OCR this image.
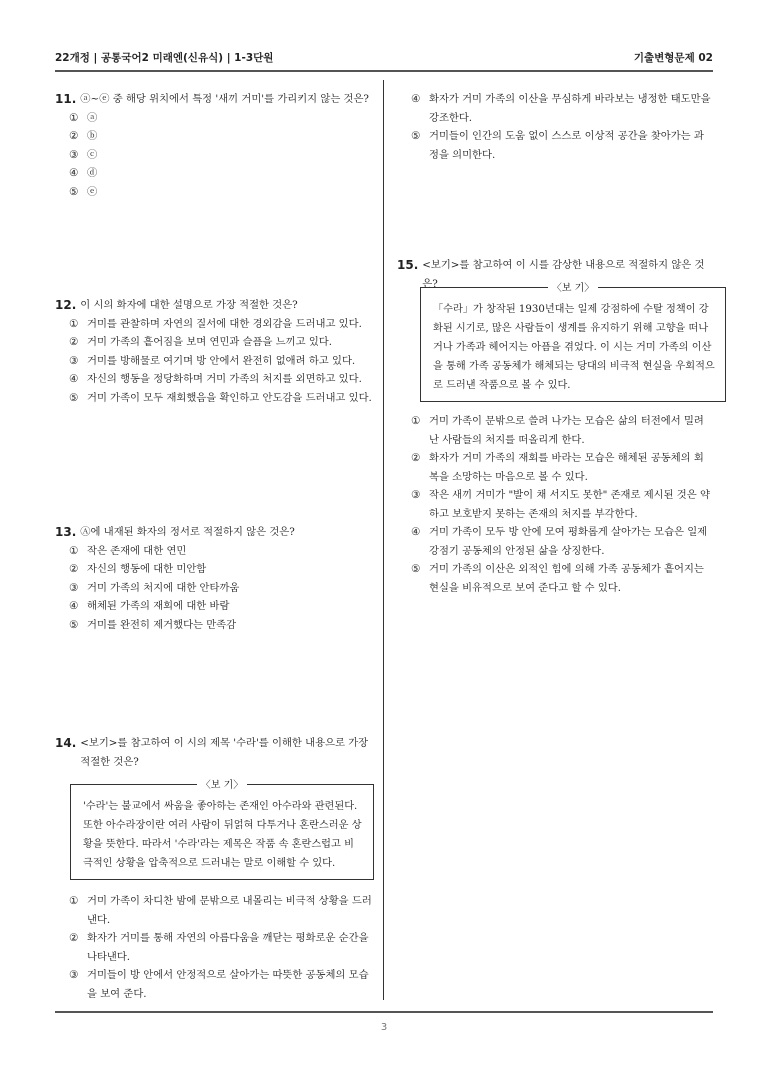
22개정 | 공통국어2 미래엔(신유식) | 1-3단원	기출변형문제 02
11. ⓐ~ⓔ 중 해당 위치에서 특정 '새끼 거미'를 가리키지 않는 것은?
① ⓐ
② ⓑ
③ ⓒ
④ ⓓ
⑤ ⓔ
12. 이 시의 화자에 대한 설명으로 가장 적절한 것은?
① 거미를 관찰하며 자연의 질서에 대한 경외감을 드러내고 있다.
② 거미 가족의 흩어짐을 보며 연민과 슬픔을 느끼고 있다.
③ 거미를 방해물로 여기며 방 안에서 완전히 없애려 하고 있다.
④ 자신의 행동을 정당화하며 거미 가족의 처지를 외면하고 있다.
⑤ 거미 가족이 모두 재회했음을 확인하고 안도감을 드러내고 있다.
13. Ⓐ에 내재된 화자의 정서로 적절하지 않은 것은?
① 작은 존재에 대한 연민
② 자신의 행동에 대한 미안함
③ 거미 가족의 처지에 대한 안타까움
④ 해체된 가족의 재회에 대한 바람
⑤ 거미를 완전히 제거했다는 만족감
14. <보기>를 참고하여 이 시의 제목 '수라'를 이해한 내용으로 가장 적절한 것은?
〈보 기〉

'수라'는 불교에서 싸움을 좋아하는 존재인 아수라와 관련된다. 또한 아수라장이란 여러 사람이 뒤얽혀 다투거나 혼란스러운 상황을 뜻한다. 따라서 '수라'라는 제목은 작품 속 혼란스럽고 비극적인 상황을 압축적으로 드러내는 말로 이해할 수 있다.

① 거미 가족이 차디찬 밤에 문밖으로 내몰리는 비극적 상황을 드러낸다.
② 화자가 거미를 통해 자연의 아름다움을 깨닫는 평화로운 순간을 나타낸다.
③ 거미들이 방 안에서 안정적으로 살아가는 따뜻한 공동체의 모습을 보여 준다.
④ 화자가 거미 가족의 이산을 무심하게 바라보는 냉정한 태도만을 강조한다.
⑤ 거미들이 인간의 도움 없이 스스로 이상적 공간을 찾아가는 과정을 의미한다.
15. <보기>를 참고하여 이 시를 감상한 내용으로 적절하지 않은 것은?	〈보 기〉

「수라」가 창작된 1930년대는 일제 강점하에 수탈 정책이 강화된 시기로, 많은 사람들이 생계를 유지하기 위해 고향을 떠나거나 가족과 헤어지는 아픔을 겪었다. 이 시는 거미 가족의 이산을 통해 가족 공동체가 해체되는 당대의 비극적 현실을 우회적으로 드러낸 작품으로 볼 수 있다.

① 거미 가족이 문밖으로 쓸려 나가는 모습은 삶의 터전에서 밀려난 사람들의 처지를 떠올리게 한다.
② 화자가 거미 가족의 재회를 바라는 모습은 해체된 공동체의 회복을 소망하는 마음으로 볼 수 있다.
③ 작은 새끼 거미가 "발이 채 서지도 못한" 존재로 제시된 것은 약하고 보호받지 못하는 존재의 처지를 부각한다.
④ 거미 가족이 모두 방 안에 모여 평화롭게 살아가는 모습은 일제 강점기 공동체의 안정된 삶을 상징한다.
⑤ 거미 가족의 이산은 외적인 힘에 의해 가족 공동체가 흩어지는 현실을 비유적으로 보여 준다고 할 수 있다.
3
